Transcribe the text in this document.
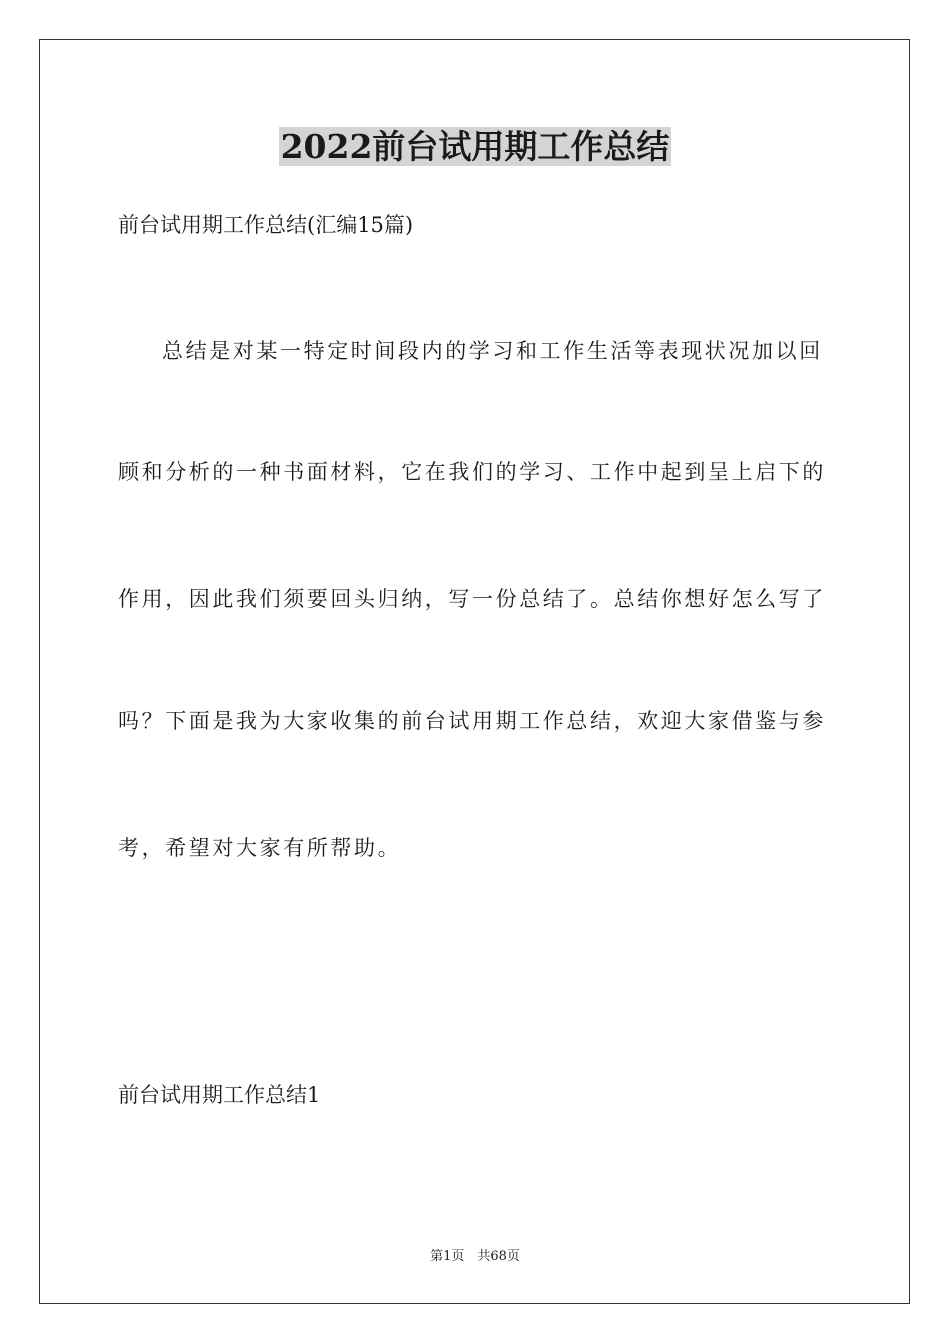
2022前台试用期工作总结
前台试用期工作总结(汇编15篇)
总结是对某一特定时间段内的学习和工作生活等表现状况加以回
顾和分析的一种书面材料，它在我们的学习、工作中起到呈上启下的
作用，因此我们须要回头归纳，写一份总结了。总结你想好怎么写了
吗？下面是我为大家收集的前台试用期工作总结，欢迎大家借鉴与参
考，希望对大家有所帮助。
前台试用期工作总结1
第1页　共68页
